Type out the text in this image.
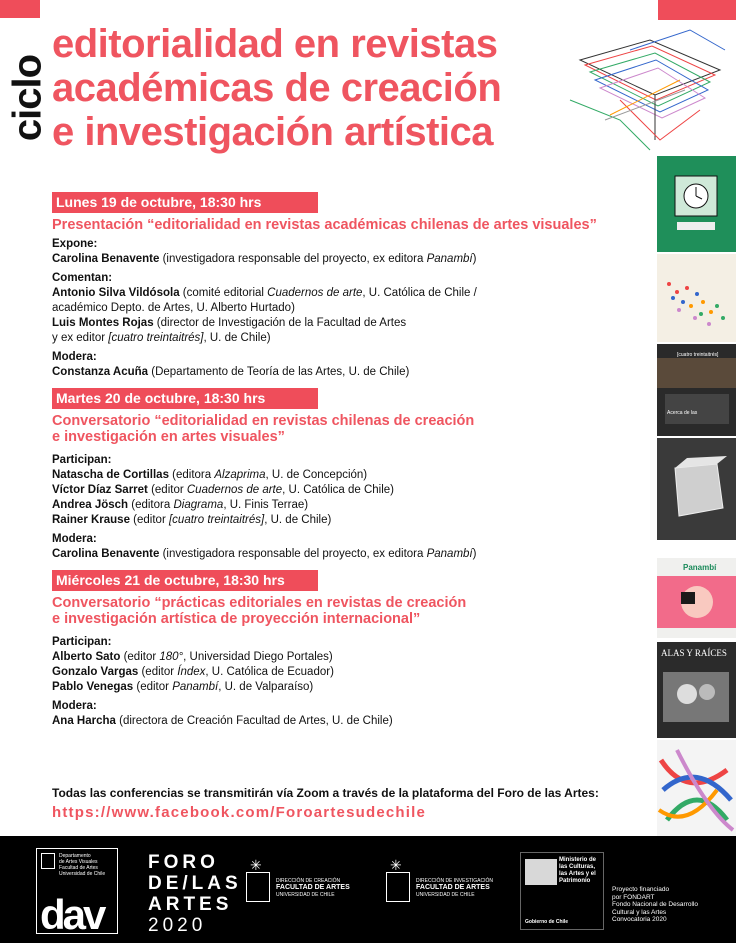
ciclo
editorialidad en revistas
académicas de creación
e investigación artística
[cuatro treintaitrés]
Acerca de las
Panambí
ALAS Y RAÍCES
Lunes 19 de octubre, 18:30 hrs
Presentación “editorialidad en revistas académicas chilenas de artes visuales”
Expone:
Carolina Benavente (investigadora responsable del proyecto, ex editora Panambí)
Comentan:
Antonio Silva Vildósola (comité editorial Cuadernos de arte, U. Católica de Chile /
académico Depto. de Artes, U. Alberto Hurtado)
Luis Montes Rojas (director de Investigación de la Facultad de Artes
y ex editor [cuatro treintaitrés], U. de Chile)
Modera:
Constanza Acuña (Departamento de Teoría de las Artes, U. de Chile)
Martes 20 de octubre, 18:30 hrs
Conversatorio “editorialidad en revistas chilenas de creación
e investigación en artes visuales”
Participan:
Natascha de Cortillas (editora Alzaprima, U. de Concepción)
Víctor Díaz Sarret (editor Cuadernos de arte, U. Católica de Chile)
Andrea Jösch (editora Diagrama, U. Finis Terrae)
Rainer Krause (editor [cuatro treintaitrés], U. de Chile)
Modera:
Carolina Benavente (investigadora responsable del proyecto, ex editora Panambí)
Miércoles 21 de octubre, 18:30 hrs
Conversatorio “prácticas editoriales en revistas de creación
e investigación artística de proyección internacional”
Participan:
Alberto Sato (editor 180°, Universidad Diego Portales)
Gonzalo Vargas (editor Índex, U. Católica de Ecuador)
Pablo Venegas (editor Panambí, U. de Valparaíso)
Modera:
Ana Harcha (directora de Creación Facultad de Artes, U. de Chile)
Todas las conferencias se transmitirán vía Zoom a través de la plataforma del Foro de las Artes:
https://www.facebook.com/Foroartesudechile
Departamento
de Artes Visuales
Facultad de Artes
Universidad de Chile
dav
FORO
DE/LAS
ARTES
2020
✳
DIRECCIÓN DE CREACIÓN
FACULTAD DE ARTES
UNIVERSIDAD DE CHILE
✳
DIRECCIÓN DE INVESTIGACIÓN
FACULTAD DE ARTES
UNIVERSIDAD DE CHILE
Ministerio de las Culturas, las Artes y el Patrimonio
Gobierno de Chile
Proyecto financiado
por FONDART
Fondo Nacional de Desarrollo
Cultural y las Artes
Convocatoria 2020
